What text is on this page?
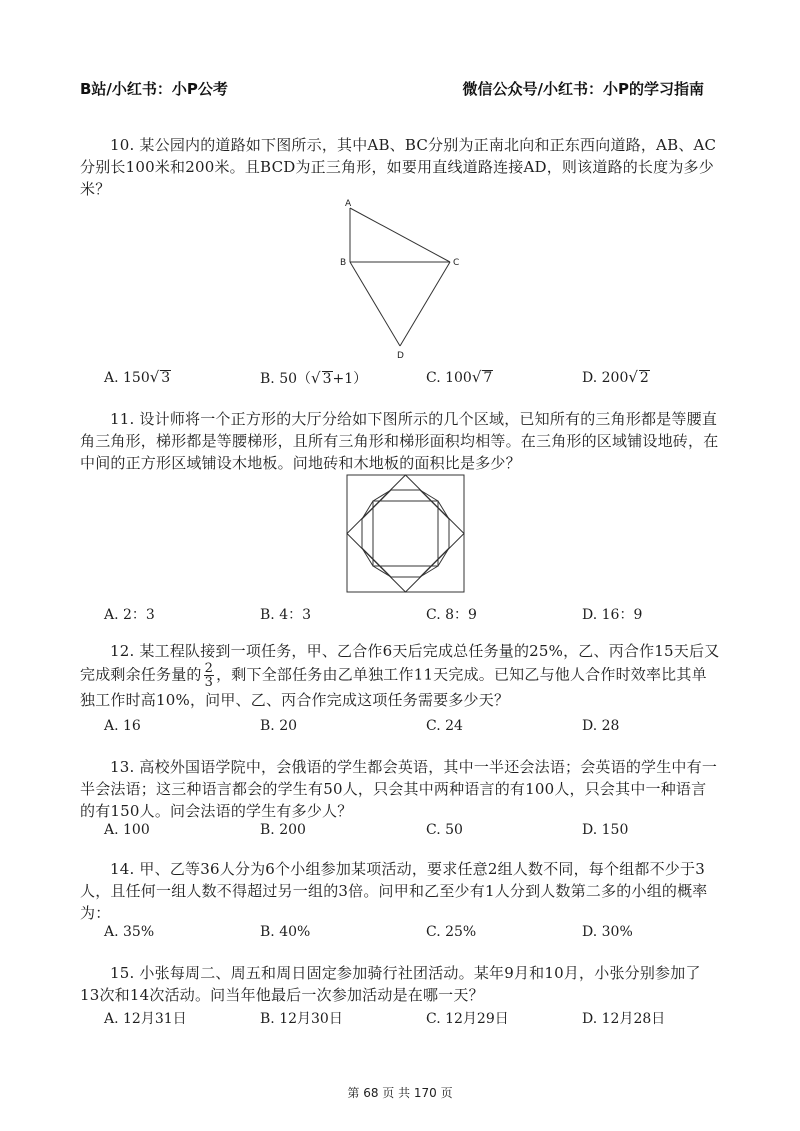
B站/小红书：小P公考	微信公众号/小红书：小P的学习指南
10. 某公园内的道路如下图所示，其中AB、BC分别为正南北向和正东西向道路，AB、AC分别长100米和200米。且BCD为正三角形，如要用直线道路连接AD，则该道路的长度为多少米？
A
B	C
D
A. 150√ 3	B. 50（√ 3+1）	C. 100√ 7	D. 200√ 2
11. 设计师将一个正方形的大厅分给如下图所示的几个区域，已知所有的三角形都是等腰直角三角形，梯形都是等腰梯形，且所有三角形和梯形面积均相等。在三角形的区域铺设地砖，在中间的正方形区域铺设木地板。问地砖和木地板的面积比是多少？
A. 2：3	B. 4：3	C. 8：9	D. 16：9
12. 某工程队接到一项任务，甲、乙合作6天后完成总任务量的25%，乙、丙合作15天后又完成剩余任务量的 $\frac{2}{3}$ ，剩下全部任务由乙单独工作11天完成。已知乙与他人合作时效率比其单独工作时高10%，问甲、乙、丙合作完成这项任务需要多少天？
A. 16	B. 20	C. 24	D. 28
13. 高校外国语学院中，会俄语的学生都会英语，其中一半还会法语；会英语的学生中有一半会法语；这三种语言都会的学生有50人，只会其中两种语言的有100人，只会其中一种语言的有150人。问会法语的学生有多少人？
A. 100	B. 200	C. 50	D. 150
14. 甲、乙等36人分为6个小组参加某项活动，要求任意2组人数不同，每个组都不少于3人，且任何一组人数不得超过另一组的3倍。问甲和乙至少有1人分到人数第二多的小组的概率为：
A. 35%	B. 40%	C. 25%	D. 30%
15. 小张每周二、周五和周日固定参加骑行社团活动。某年9月和10月，小张分别参加了13次和14次活动。问当年他最后一次参加活动是在哪一天？
A. 12月31日	B. 12月30日	C. 12月29日	D. 12月28日
第 68 页 共 170 页
